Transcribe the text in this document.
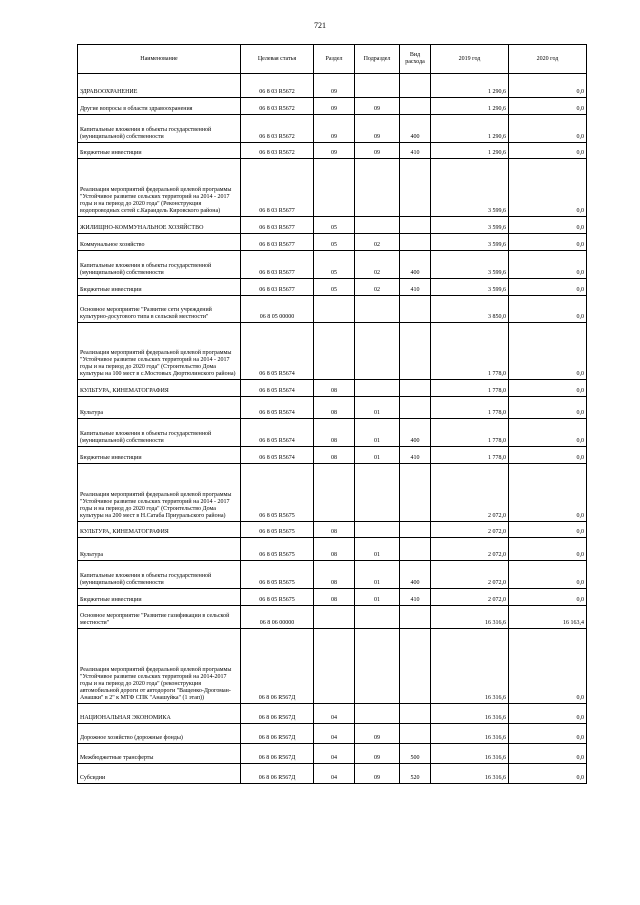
721
Наименование	Целевая статья	Раздел	Подраздел	Вид расхода	2019 год	2020 год
ЗДРАВООХРАНЕНИЕ	06 8 03 R5672	09			1 290,6	0,0
Другие вопросы в области здравоохранения	06 8 03 R5672	09	09		1 290,6	0,0
Капитальные вложения в объекты государственной (муниципальной) собственности	06 8 03 R5672	09	09	400	1 290,6	0,0
Бюджетные инвестиции	06 8 03 R5672	09	09	410	1 290,6	0,0
Реализация мероприятий федеральной целевой программы "Устойчивое развитие сельских территорий на 2014 - 2017 годы и на период до 2020 года" (Реконструкция водопроводных сетей с.Караидель Кировского района)	06 8 03 R5677				3 599,6	0,0
ЖИЛИЩНО-КОММУНАЛЬНОЕ ХОЗЯЙСТВО	06 8 03 R5677	05			3 599,6	0,0
Коммунальное хозяйство	06 8 03 R5677	05	02		3 599,6	0,0
Капитальные вложения в объекты государственной (муниципальной) собственности	06 8 03 R5677	05	02	400	3 599,6	0,0
Бюджетные инвестиции	06 8 03 R5677	05	02	410	3 599,6	0,0
Основное мероприятие "Развитие сети учреждений культурно-досугового типа в сельской местности"	06 8 05 00000				3 850,0	0,0
Реализация мероприятий федеральной целевой программы "Устойчивое развитие сельских территорий на 2014 - 2017 годы и на период до 2020 года" (Строительство Дома культуры на 100 мест в с.Мостовых Дюртюлинского района)	06 8 05 R5674				1 778,0	0,0
КУЛЬТУРА, КИНЕМАТОГРАФИЯ	06 8 05 R5674	08			1 778,0	0,0
Культура	06 8 05 R5674	08	01		1 778,0	0,0
Капитальные вложения в объекты государственной (муниципальной) собственности	06 8 05 R5674	08	01	400	1 778,0	0,0
Бюджетные инвестиции	06 8 05 R5674	08	01	410	1 778,0	0,0
Реализация мероприятий федеральной целевой программы "Устойчивое развитие сельских территорий на 2014 - 2017 годы и на период до 2020 года" (Строительство Дома культуры на 200 мест в Н.Сатаба Приуральского района)	06 8 05 R5675				2 072,0	0,0
КУЛЬТУРА, КИНЕМАТОГРАФИЯ	06 8 05 R5675	08			2 072,0	0,0
Культура	06 8 05 R5675	08	01		2 072,0	0,0
Капитальные вложения в объекты государственной (муниципальной) собственности	06 8 05 R5675	08	01	400	2 072,0	0,0
Бюджетные инвестиции	06 8 05 R5675	08	01	410	2 072,0	0,0
Основное мероприятие "Развитие газификации в сельской местности"	06 8 06 00000				16 316,6	16 163,4
Реализация мероприятий федеральной целевой программы "Устойчивое развитие сельских территорий на 2014-2017 годы и на период до 2020 года" (реконструкция автомобильной дороги от автодороги "Ващенко-Дрогоман-Анашки" в 2" к МТФ СПК "Анашуйка" (1 этап))	06 8 06 R567Д				16 316,6	0,0
НАЦИОНАЛЬНАЯ ЭКОНОМИКА	06 8 06 R567Д	04			16 316,6	0,0
Дорожное хозяйство (дорожные фонды)	06 8 06 R567Д	04	09		16 316,6	0,0
Межбюджетные трансферты	06 8 06 R567Д	04	09	500	16 316,6	0,0
Субсидии	06 8 06 R567Д	04	09	520	16 316,6	0,0
